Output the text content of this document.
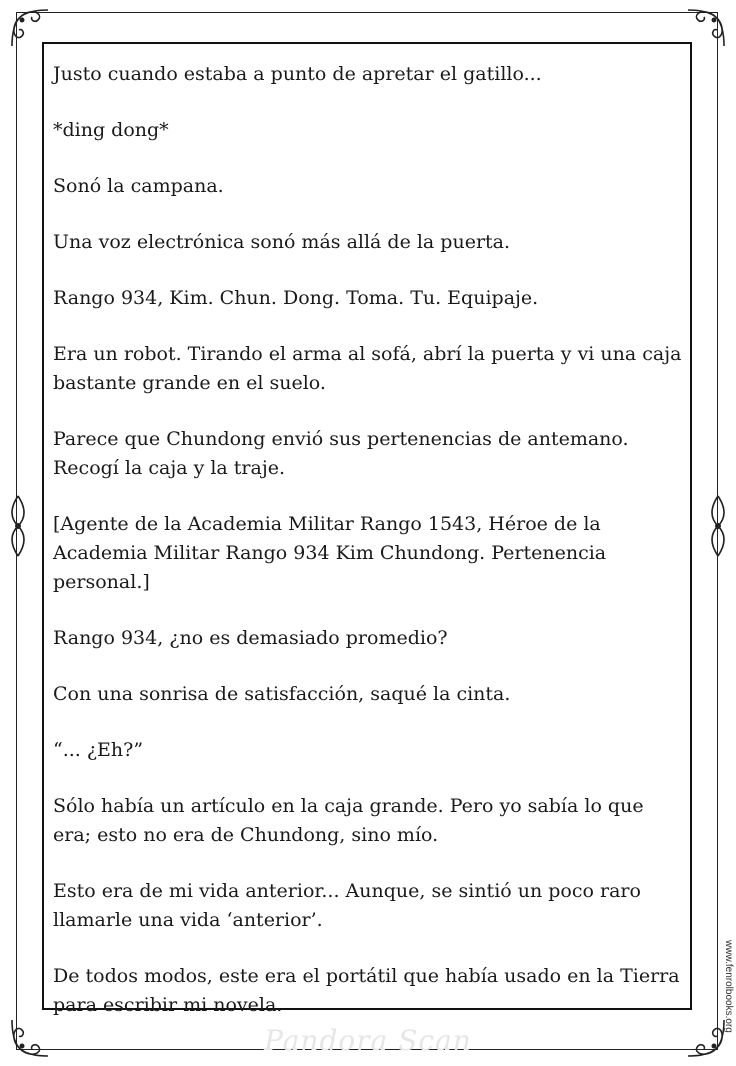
Justo cuando estaba a punto de apretar el gatillo...

*ding dong*

Sonó la campana.

Una voz electrónica sonó más allá de la puerta.

Rango 934, Kim. Chun. Dong. Toma. Tu. Equipaje.

Era un robot. Tirando el arma al sofá, abrí la puerta y vi una caja bastante grande en el suelo.

Parece que Chundong envió sus pertenencias de antemano. Recogí la caja y la traje.

[Agente de la Academia Militar Rango 1543, Héroe de la Academia Militar Rango 934 Kim Chundong. Pertenencia personal.]

Rango 934, ¿no es demasiado promedio?

Con una sonrisa de satisfacción, saqué la cinta.

“... ¿Eh?”

Sólo había un artículo en la caja grande. Pero yo sabía lo que era; esto no era de Chundong, sino mío.

Esto era de mi vida anterior... Aunque, se sintió un poco raro llamarle una vida ‘anterior’.

De todos modos, este era el portátil que había usado en la Tierra para escribir mi novela.

Pandora Scan
www.fenrolbooks.org
